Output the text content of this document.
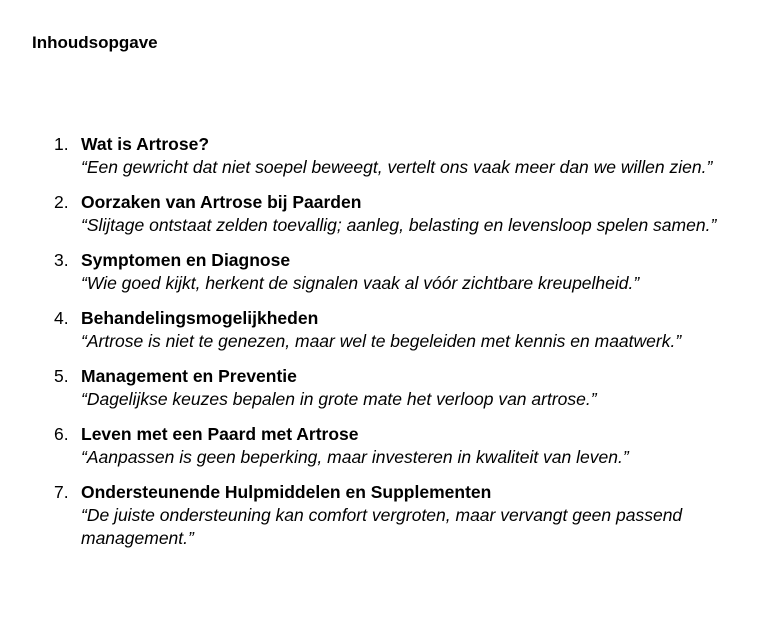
Inhoudsopgave
1. Wat is Artrose?
“Een gewricht dat niet soepel beweegt, vertelt ons vaak meer dan we willen zien.”
2. Oorzaken van Artrose bij Paarden
“Slijtage ontstaat zelden toevallig; aanleg, belasting en levensloop spelen samen.”
3. Symptomen en Diagnose
“Wie goed kijkt, herkent de signalen vaak al vóór zichtbare kreupelheid.”
4. Behandelingsmogelijkheden
“Artrose is niet te genezen, maar wel te begeleiden met kennis en maatwerk.”
5. Management en Preventie
“Dagelijkse keuzes bepalen in grote mate het verloop van artrose.”
6. Leven met een Paard met Artrose
“Aanpassen is geen beperking, maar investeren in kwaliteit van leven.”
7. Ondersteunende Hulpmiddelen en Supplementen
“De juiste ondersteuning kan comfort vergroten, maar vervangt geen passend management.”
